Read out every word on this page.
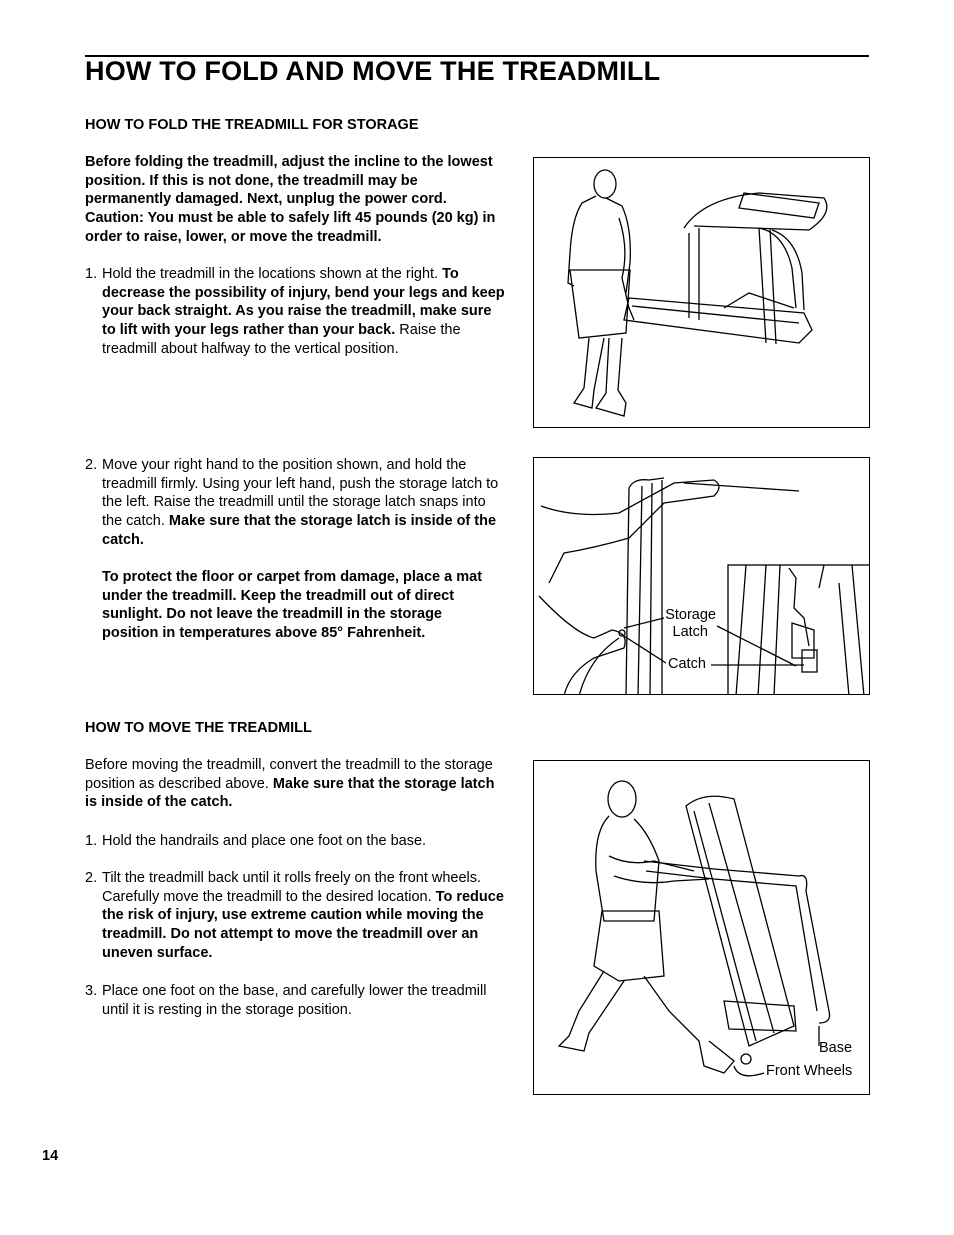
HOW TO FOLD AND MOVE THE TREADMILL
HOW TO FOLD THE TREADMILL FOR STORAGE

Before folding the treadmill, adjust the incline to the lowest position. If this is not done, the treadmill may be permanently damaged. Next, unplug the power cord. Caution: You must be able to safely lift 45 pounds (20 kg) in order to raise, lower, or move the treadmill.

1. Hold the treadmill in the locations shown at the right. To decrease the possibility of injury, bend your legs and keep your back straight. As you raise the treadmill, make sure to lift with your legs rather than your back. Raise the treadmill about halfway to the vertical position.

2. Move your right hand to the position shown, and hold the treadmill firmly. Using your left hand, push the storage latch to the left. Raise the treadmill until the storage latch snaps into the catch. Make sure that the storage latch is inside of the catch.

To protect the floor or carpet from damage, place a mat under the treadmill. Keep the treadmill out of direct sunlight. Do not leave the treadmill in the storage position in temperatures above 85° Fahrenheit.

HOW TO MOVE THE TREADMILL

Before moving the treadmill, convert the treadmill to the storage position as described above. Make sure that the storage latch is inside of the catch.

1. Hold the handrails and place one foot on the base.

2. Tilt the treadmill back until it rolls freely on the front wheels. Carefully move the treadmill to the desired location. To reduce the risk of injury, use extreme caution while moving the treadmill. Do not attempt to move the treadmill over an uneven surface.

3. Place one foot on the base, and carefully lower the treadmill until it is resting in the storage position.

Storage
Latch
Catch
Base
Front Wheels
14
